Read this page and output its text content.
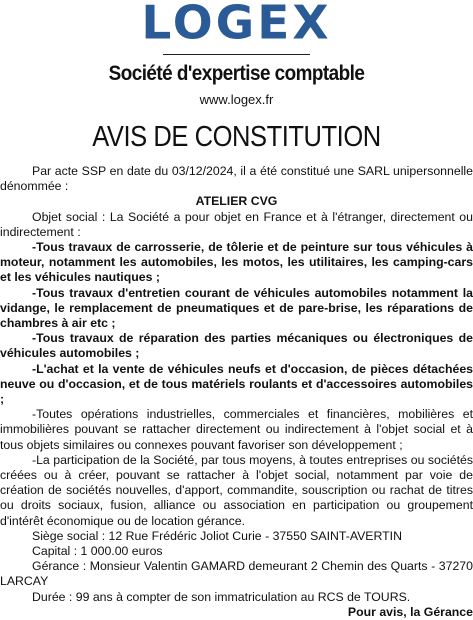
LOGEX
Société d'expertise comptable
www.logex.fr
AVIS DE CONSTITUTION

Par acte SSP en date du 03/12/2024, il a été constitué une SARL unipersonnelle dénommée :

ATELIER CVG

Objet social : La Société a pour objet en France et à l'étranger, directement ou indirectement :

-Tous travaux de carrosserie, de tôlerie et de peinture sur tous véhicules à moteur, notamment les automobiles, les motos, les utilitaires, les camping-cars et les véhicules nautiques ;

-Tous travaux d'entretien courant de véhicules automobiles notamment la vidange, le remplacement de pneumatiques et de pare-brise, les réparations de chambres à air etc ;

-Tous travaux de réparation des parties mécaniques ou électroniques de véhicules automobiles ;

-L'achat et la vente de véhicules neufs et d'occasion, de pièces détachées neuve ou d'occasion, et de tous matériels roulants et d'accessoires automobiles ;

-Toutes opérations industrielles, commerciales et financières, mobilières et immobilières pouvant se rattacher directement ou indirectement à l'objet social et à tous objets similaires ou connexes pouvant favoriser son développement ;

-La participation de la Société, par tous moyens, à toutes entreprises ou sociétés créées ou à créer, pouvant se rattacher à l'objet social, notamment par voie de création de sociétés nouvelles, d'apport, commandite, souscription ou rachat de titres ou droits sociaux, fusion, alliance ou association en participation ou groupement d'intérêt économique ou de location gérance.

Siège social : 12 Rue Frédéric Joliot Curie - 37550 SAINT-AVERTIN

Capital : 1 000.00 euros

Gérance : Monsieur Valentin GAMARD demeurant 2 Chemin des Quarts - 37270 LARCAY

Durée : 99 ans à compter de son immatriculation au RCS de TOURS.

Pour avis, la Gérance
